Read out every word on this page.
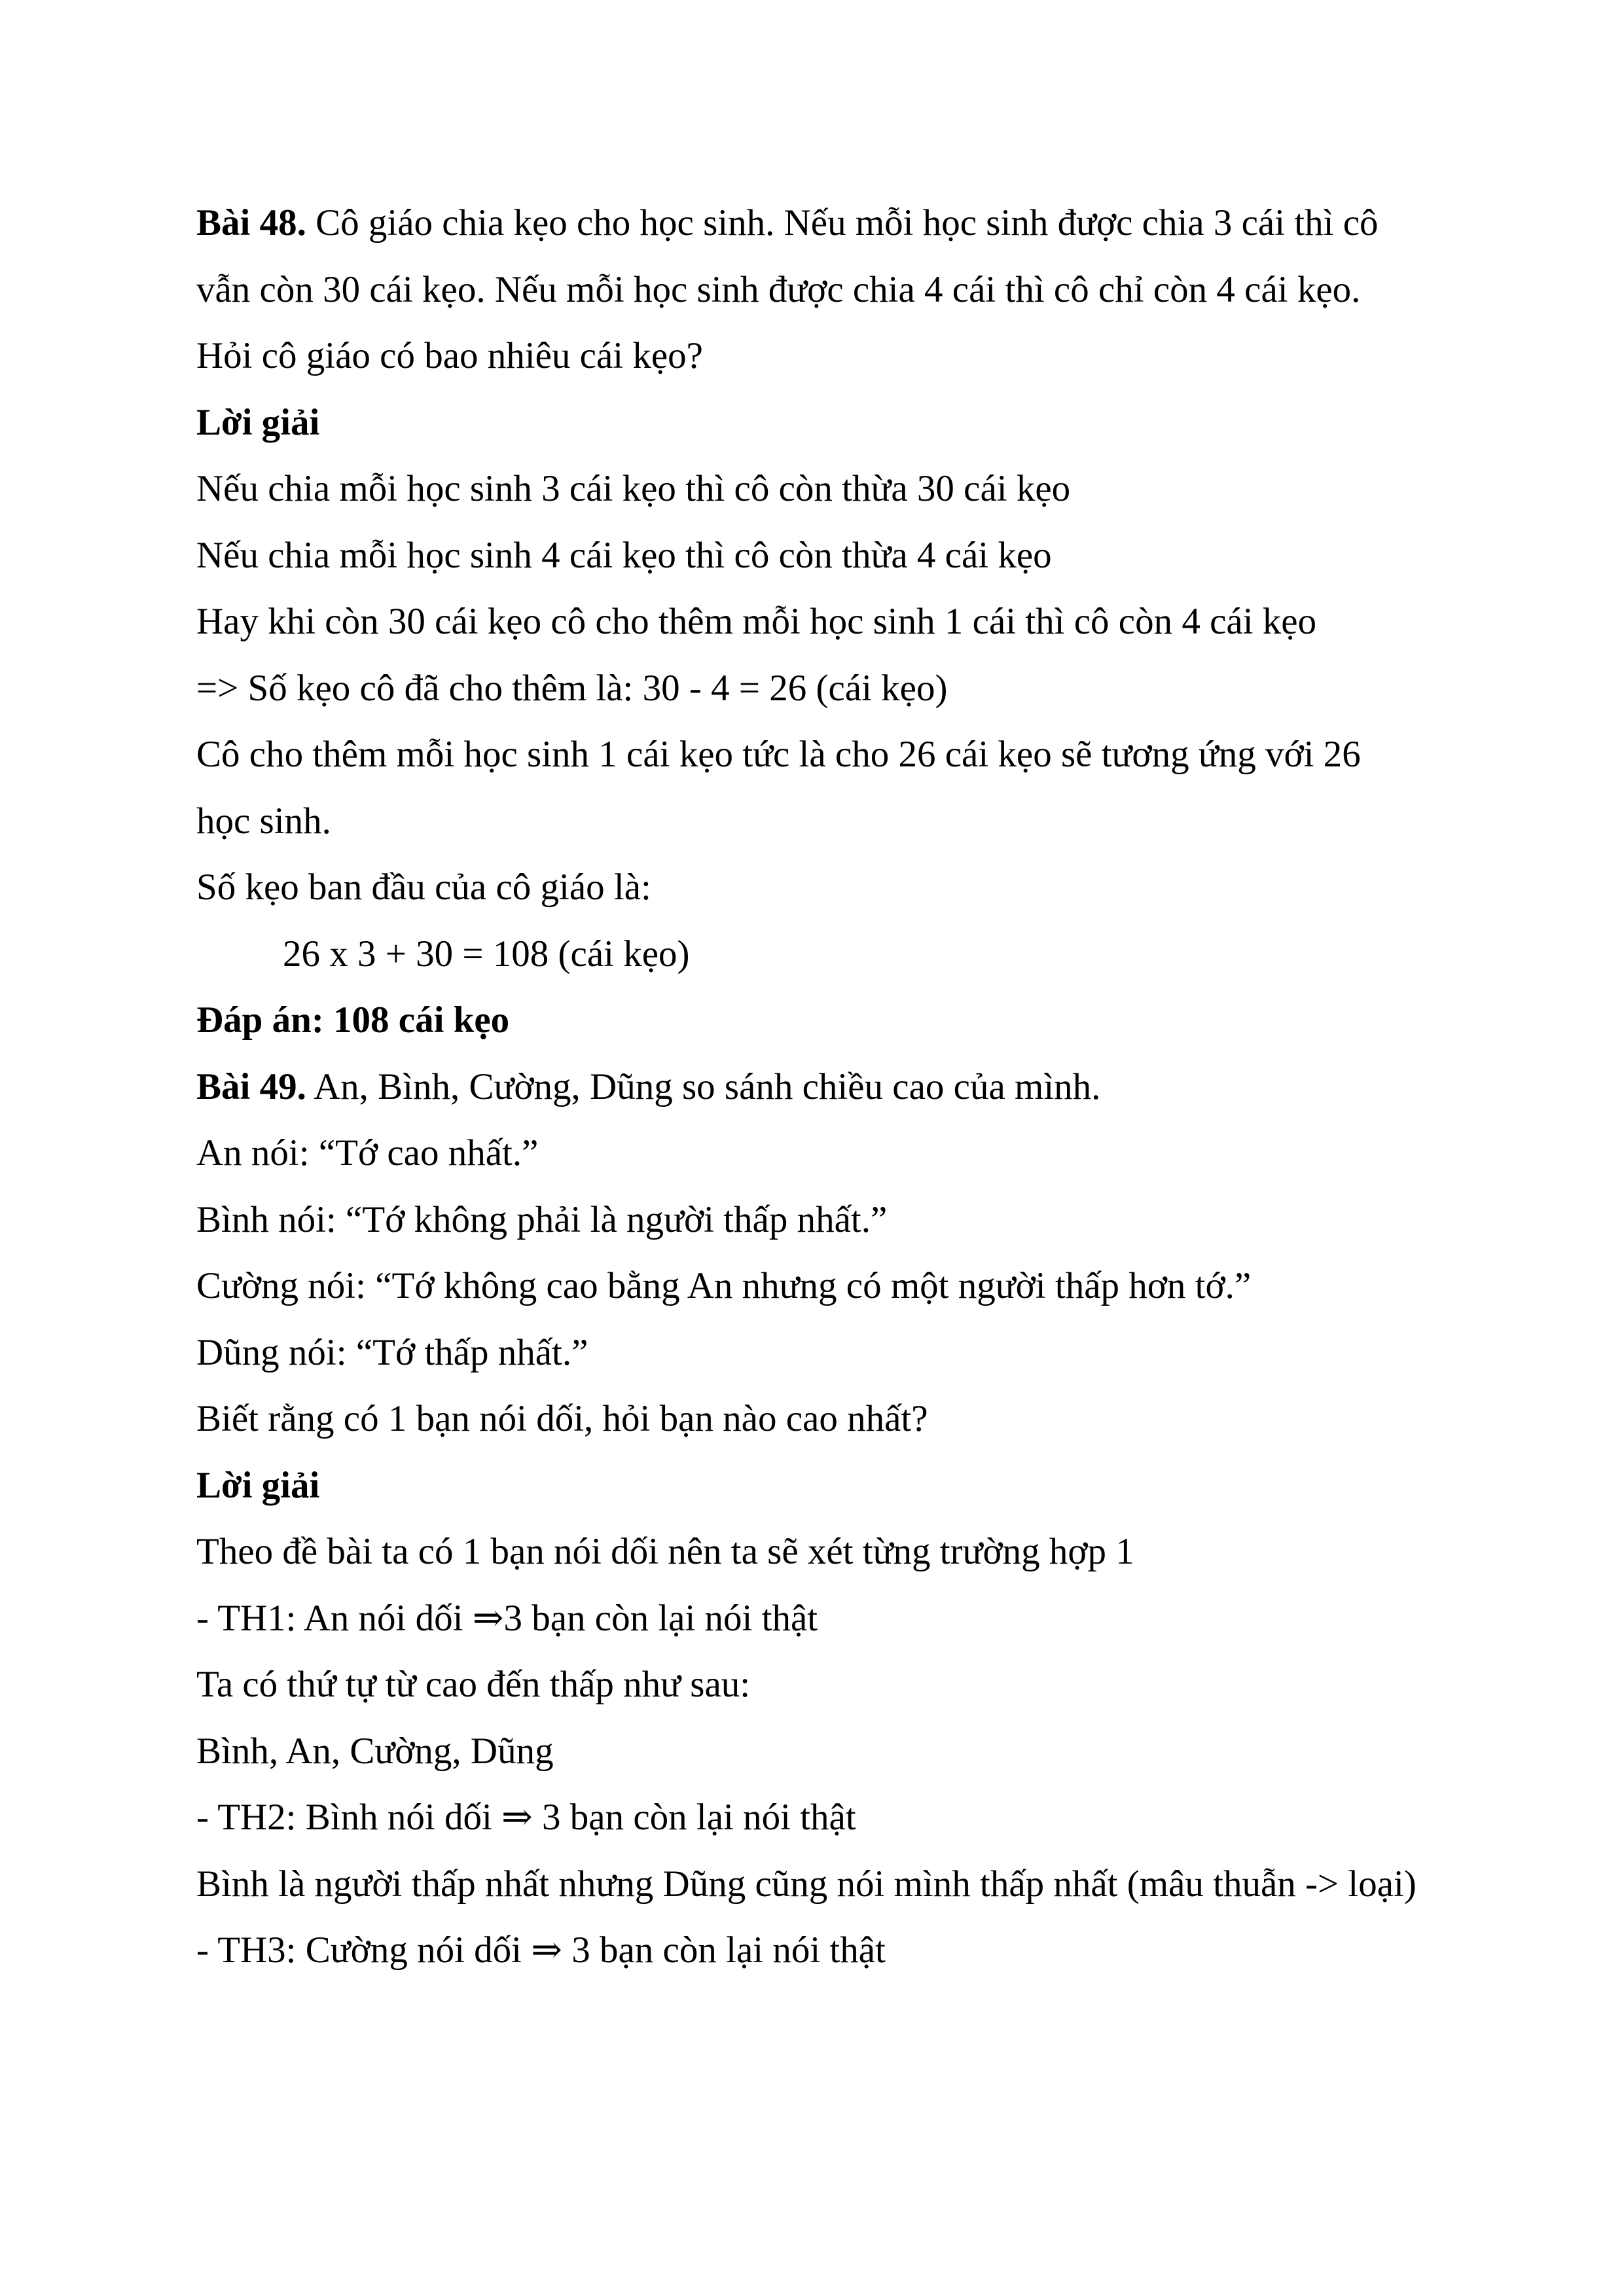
Bài 48. Cô giáo chia kẹo cho học sinh. Nếu mỗi học sinh được chia 3 cái thì cô
vẫn còn 30 cái kẹo. Nếu mỗi học sinh được chia 4 cái thì cô chỉ còn 4 cái kẹo.
Hỏi cô giáo có bao nhiêu cái kẹo?
Lời giải
Nếu chia mỗi học sinh 3 cái kẹo thì cô còn thừa 30 cái kẹo
Nếu chia mỗi học sinh 4 cái kẹo thì cô còn thừa 4 cái kẹo
Hay khi còn 30 cái kẹo cô cho thêm mỗi học sinh 1 cái thì cô còn 4 cái kẹo
=> Số kẹo cô đã cho thêm là: 30 - 4 = 26 (cái kẹo)
Cô cho thêm mỗi học sinh 1 cái kẹo tức là cho 26 cái kẹo sẽ tương ứng với 26
học sinh.
Số kẹo ban đầu của cô giáo là:
26 x 3 + 30 = 108 (cái kẹo)
Đáp án: 108 cái kẹo
Bài 49. An, Bình, Cường, Dũng so sánh chiều cao của mình.
An nói: “Tớ cao nhất.”
Bình nói: “Tớ không phải là người thấp nhất.”
Cường nói: “Tớ không cao bằng An nhưng có một người thấp hơn tớ.”
Dũng nói: “Tớ thấp nhất.”
Biết rằng có 1 bạn nói dối, hỏi bạn nào cao nhất?
Lời giải
Theo đề bài ta có 1 bạn nói dối nên ta sẽ xét từng trường hợp 1
- TH1: An nói dối ⇒3 bạn còn lại nói thật
Ta có thứ tự từ cao đến thấp như sau:
Bình, An, Cường, Dũng
- TH2: Bình nói dối ⇒ 3 bạn còn lại nói thật
Bình là người thấp nhất nhưng Dũng cũng nói mình thấp nhất (mâu thuẫn -> loại)
- TH3: Cường nói dối ⇒ 3 bạn còn lại nói thật
